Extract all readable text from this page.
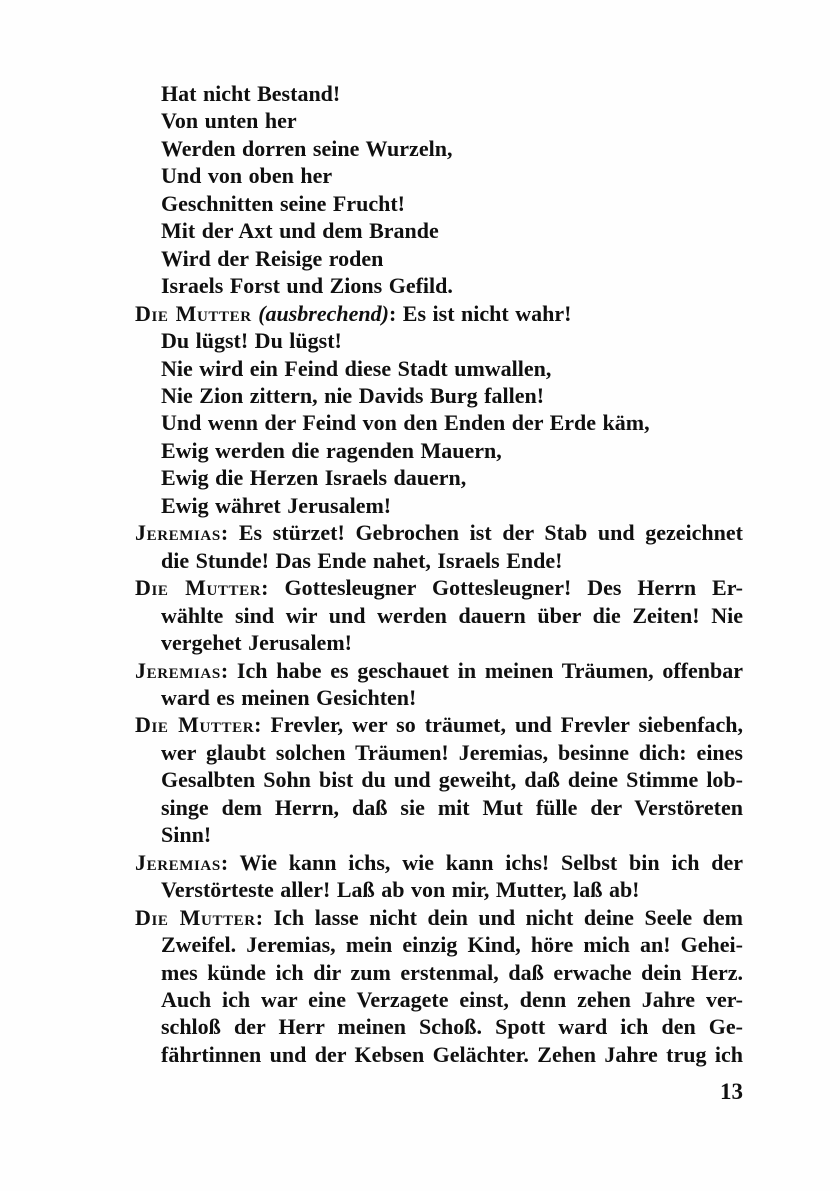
Hat nicht Bestand!
Von unten her
Werden dorren seine Wurzeln,
Und von oben her
Geschnitten seine Frucht!
Mit der Axt und dem Brande
Wird der Reisige roden
Israels Forst und Zions Gefild.
Die Mutter (ausbrechend): Es ist nicht wahr!
Du lügst! Du lügst!
Nie wird ein Feind diese Stadt umwallen,
Nie Zion zittern, nie Davids Burg fallen!
Und wenn der Feind von den Enden der Erde käm,
Ewig werden die ragenden Mauern,
Ewig die Herzen Israels dauern,
Ewig währet Jerusalem!
Jeremias: Es stürzet! Gebrochen ist der Stab und gezeichnet
die Stunde! Das Ende nahet, Israels Ende!
Die Mutter: Gottesleugner Gottesleugner! Des Herrn Er-
wählte sind wir und werden dauern über die Zeiten! Nie
vergehet Jerusalem!
Jeremias: Ich habe es geschauet in meinen Träumen, offenbar
ward es meinen Gesichten!
Die Mutter: Frevler, wer so träumet, und Frevler siebenfach,
wer glaubt solchen Träumen! Jeremias, besinne dich: eines
Gesalbten Sohn bist du und geweiht, daß deine Stimme lob-
singe dem Herrn, daß sie mit Mut fülle der Verstöreten
Sinn!
Jeremias: Wie kann ichs, wie kann ichs! Selbst bin ich der
Verstörteste aller! Laß ab von mir, Mutter, laß ab!
Die Mutter: Ich lasse nicht dein und nicht deine Seele dem
Zweifel. Jeremias, mein einzig Kind, höre mich an! Gehei-
mes künde ich dir zum erstenmal, daß erwache dein Herz.
Auch ich war eine Verzagete einst, denn zehen Jahre ver-
schloß der Herr meinen Schoß. Spott ward ich den Ge-
fährtinnen und der Kebsen Gelächter. Zehen Jahre trug ich
13
